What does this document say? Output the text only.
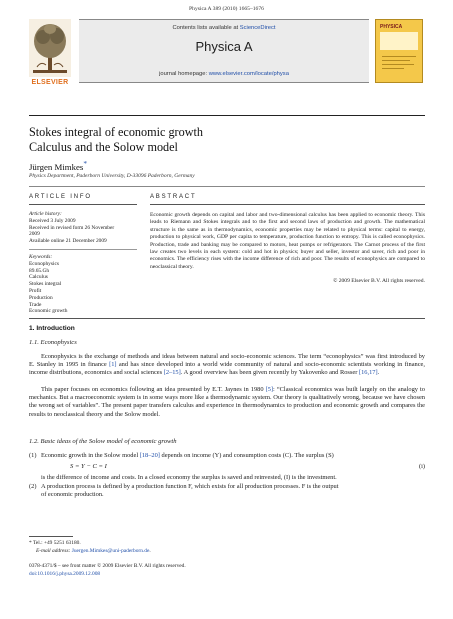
Physica A 389 (2010) 1665–1676
ELSEVIER
Contents lists available at ScienceDirect
Physica A
journal homepage: www.elsevier.com/locate/physa
PHYSICA
Stokes integral of economic growth
Calculus and the Solow model
Jürgen Mimkes*
Physics Department, Paderborn University, D-33096 Paderborn, Germany
ARTICLE INFO	ABSTRACT
Article history:
Received 3 July 2009
Received in revised form 26 November
2009
Available online 21 December 2009
Keywords:
Econophysics
89.65.Gh
Calculus
Stokes integral
Profit
Production
Trade
Economic growth
Economic growth depends on capital and labor and two-dimensional calculus has been applied to economic theory. This leads to Riemann and Stokes integrals and to the first and second laws of production and growth. The mathematical structure is the same as in thermodynamics, economic properties may be related to physical terms: capital to energy, production to physical work, GDP per capita to temperature, production function to entropy. This is called econophysics. Production, trade and banking may be compared to motors, heat pumps or refrigerators. The Carnot process of the first law creates two levels in each system: cold and hot in physics; buyer and seller, investor and saver, rich and poor in economics. The efficiency rises with the income difference of rich and poor. The results of econophysics are compared to neoclassical theory.
© 2009 Elsevier B.V. All rights reserved.
1. Introduction
1.1. Econophysics
Econophysics is the exchange of methods and ideas between natural and socio-economic sciences. The term “econophysics” was first introduced by E. Stanley in 1995 in finance [1] and has since developed into a world wide community of natural and socio-economic scientists working in finance, income distributions, economics and social sciences [2–15]. A good overview has been given recently by Yakovenko and Rosser [16,17].
This paper focuses on economics following an idea presented by E.T. Jaynes in 1980 [5]: “Classical economics was built largely on the analogy to mechanics. But a macroeconomic system is in some ways more like a thermodynamic system. Our theory is qualitatively wrong, because we have chosen the wrong set of variables”. The present paper transfers calculus and experience in thermodynamics to production and economic growth and compares the results to neoclassical theory and the Solow model.
1.2. Basic ideas of the Solow model of economic growth
(1) Economic growth in the Solow model [18–20] depends on income (Y) and consumption costs (C). The surplus (S)
S = Y − C = I	(i)
is the difference of income and costs. In a closed economy the surplus is saved and reinvested, (I) is the investment.
(2) A production process is defined by a production function F, which exists for all production processes. F is the output
of economic production.
* Tel.: +49 5251 63180.
E-mail address: Juergen.Mimkes@uni-paderborn.de.
0378-4371/$ – see front matter © 2009 Elsevier B.V. All rights reserved.
doi:10.1016/j.physa.2009.12.008
